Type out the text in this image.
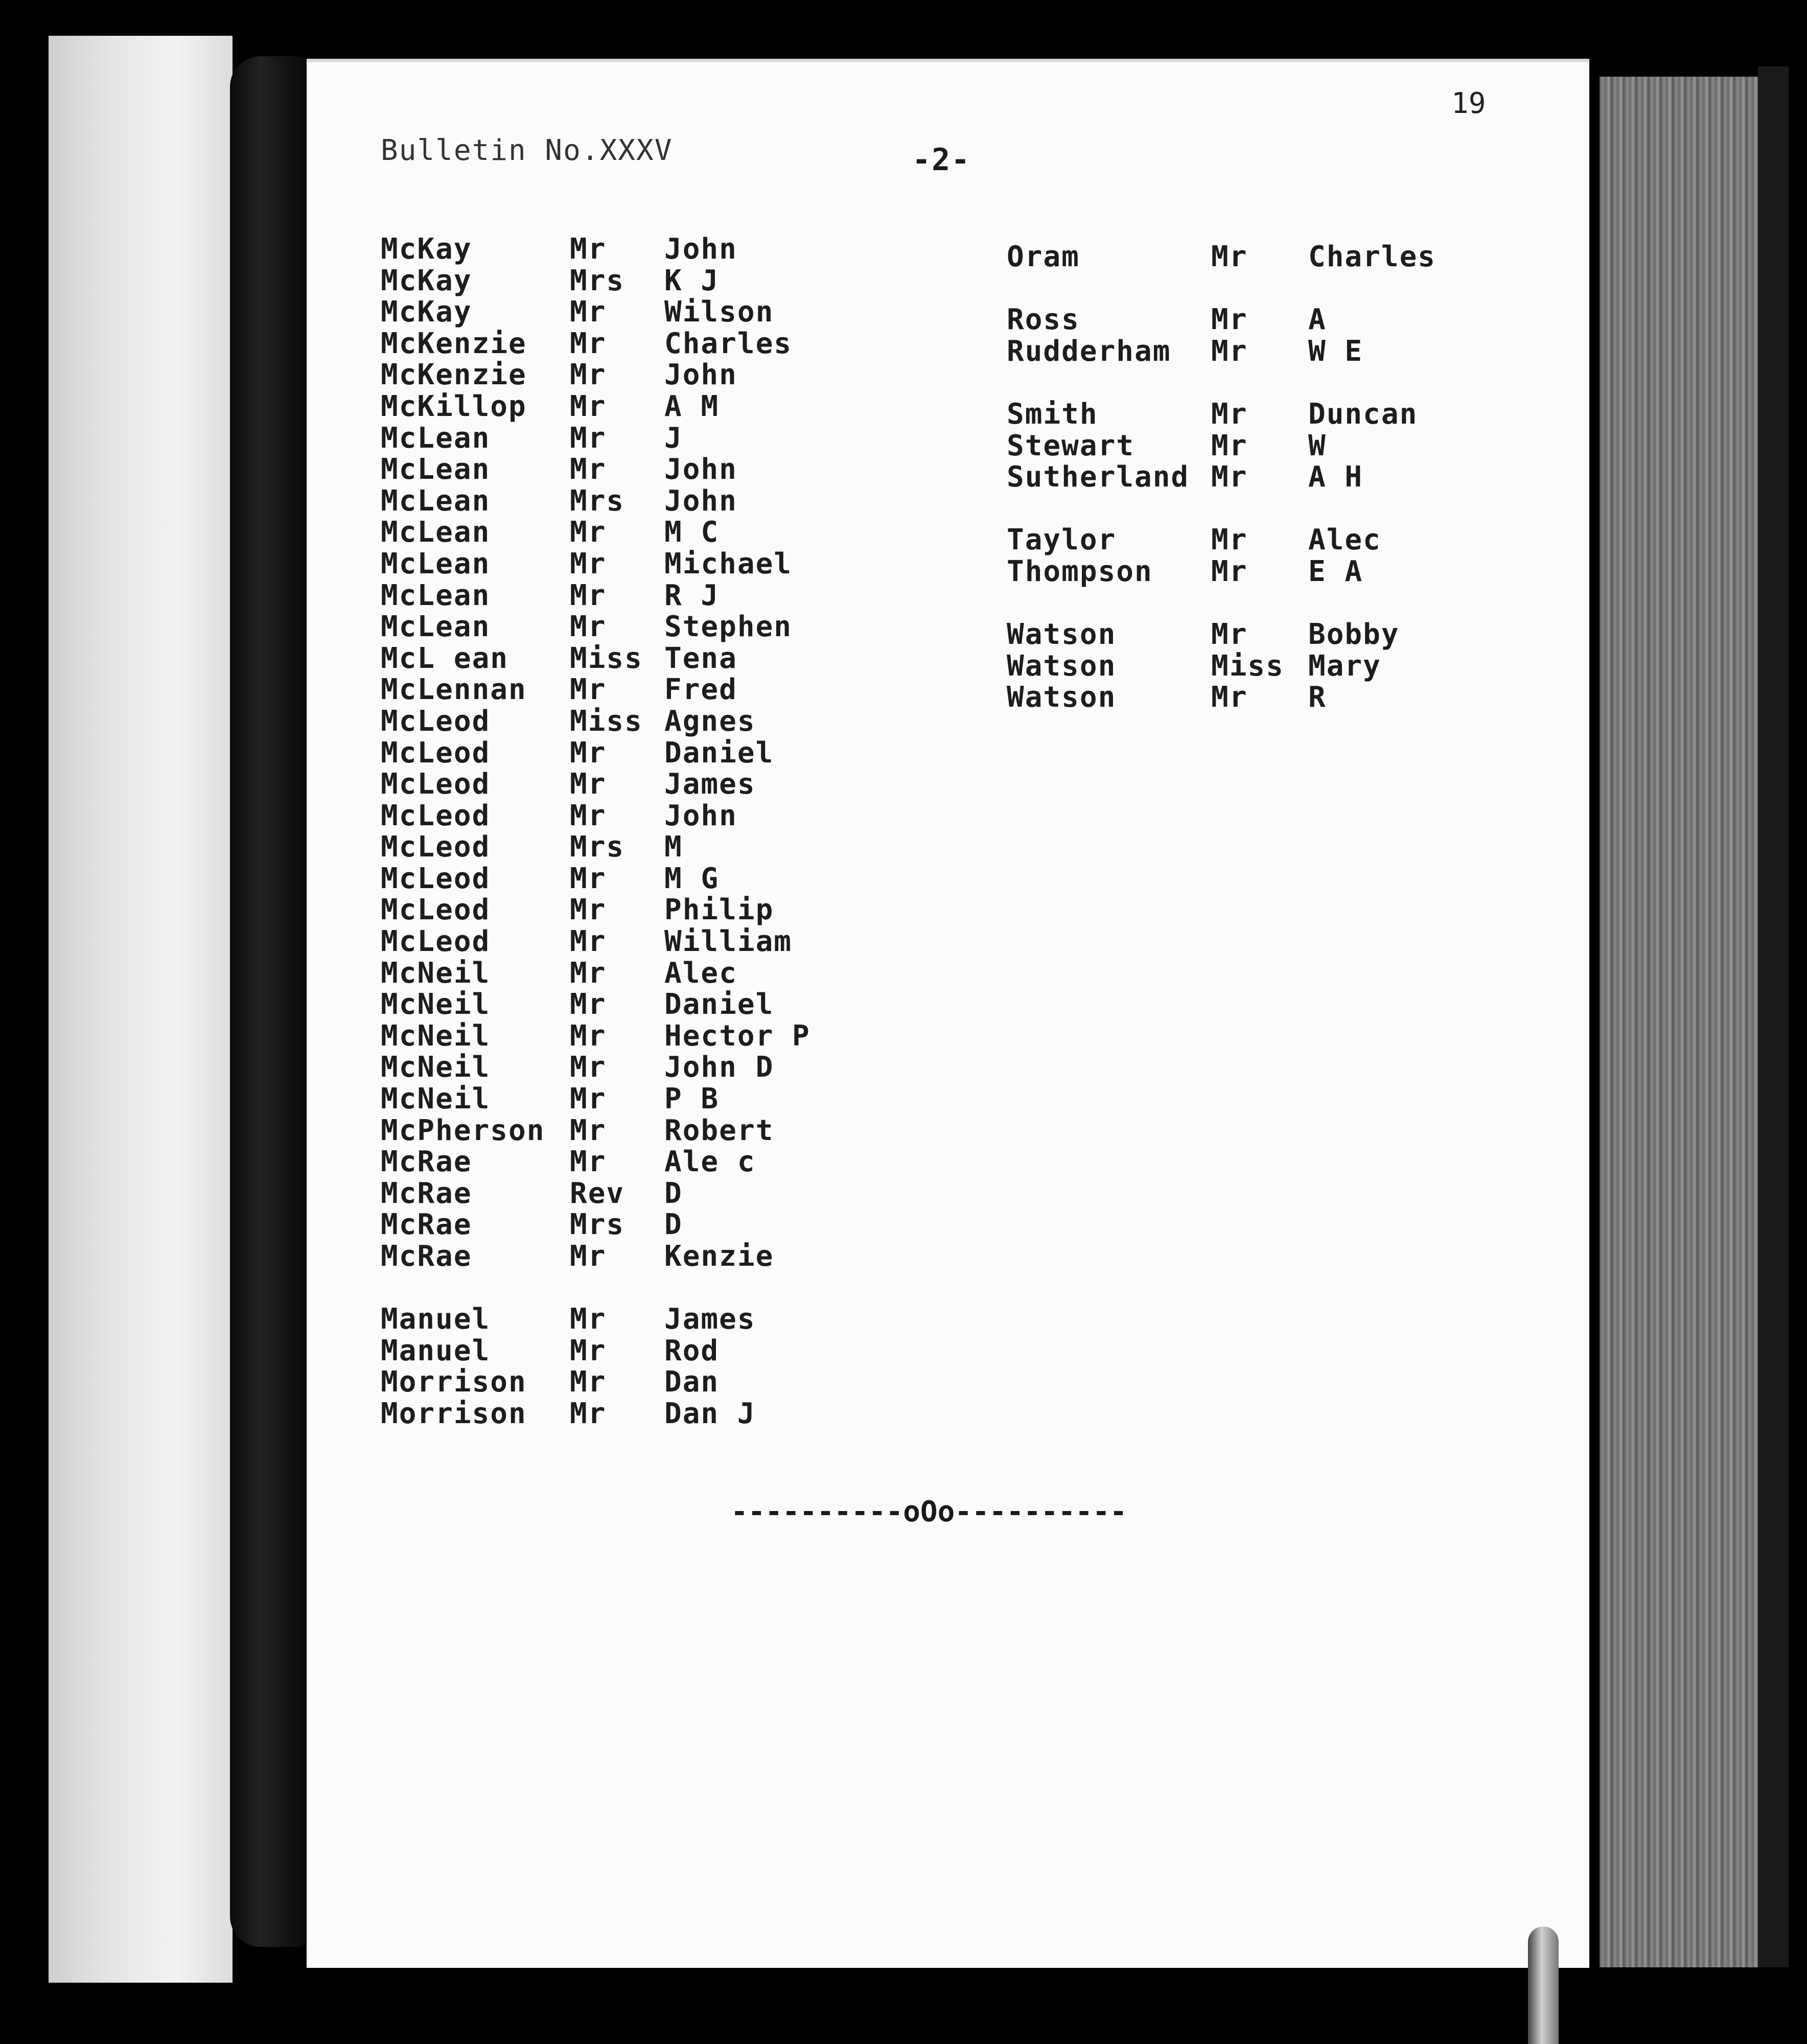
19
Bulletin No.XXXV	-2-
McKay	Mr John
McKay	Mrs K J
McKay	Mr Wilson
McKenzie Mr Charles
McKenzie Mr John
McKillop Mr A M
McLean	Mr J
McLean	Mr John
McLean	Mrs John
McLean	Mr M C
McLean	Mr Michael
McLean	Mr R J
McLean	Mr Stephen
McL ean Miss Tena
McLennan Mr Fred
McLeod	Miss Agnes
McLeod	Mr Daniel
McLeod	Mr James
McLeod	Mr John
McLeod	Mrs M
McLeod	Mr M G
McLeod	Mr Philip
McLeod	Mr William
McNeil	Mr Alec
McNeil	Mr Daniel
McNeil	Mr Hector P
McNeil	Mr John D
McNeil	Mr P B
McPherson Mr Robert
McRae	Mr Ale c
McRae	Rev D
McRae	Mrs D
McRae	Mr Kenzie
Manuel	Mr James
Manuel	Mr Rod
Morrison Mr Dan
Morrison Mr Dan J
Oram	Mr Charles
Ross	Mr A
Rudderham Mr W E
Smith	Mr Duncan
Stewart	Mr W
Sutherland Mr A H
Taylor	Mr Alec
Thompson Mr E A
Watson	Mr Bobby
Watson	Miss Mary
Watson	Mr R
----------oOo----------
